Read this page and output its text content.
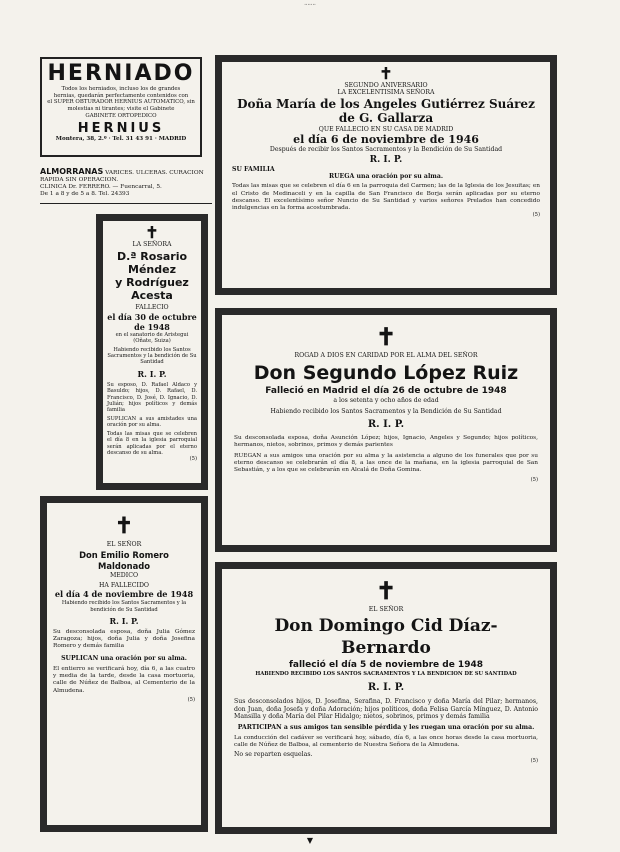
·······
HERNIADO

Todos los herniados, incluso los de grandes

hernias, quedarán perfectamente contenidos con

el SUPER OBTURADOR HERNIUS AUTOMATICO, sin

molestias ni tirantes; visite el Gabinete

GABINETE ORTOPEDICO
HERNIUS
Montera, 38, 2.º · Tel. 31 43 91 · MADRID
ALMORRANAS VARICES. ULCERAS. CURACION RAPIDA SIN OPERACION.

CLINICA Dr. FERRERO. — Fuencarral, 5.

De 1 a 8 y de 5 a 8. Tel. 24393

✝
LA SEÑORA
D.ª Rosario Méndez
y Rodríguez Acesta
FALLECIO
el día 30 de octubre de 1948
en el sanatorio de Aristegui (Oñate, Suiza)
Habiendo recibido los Santos Sacramentos y la bendición de Su Santidad
R. I. P.
Su esposo, D. Rafael Aldaco y Basuldo; hijos, D. Rafael, D. Francisco, D. José, D. Ignacio, D. Julián; hijos políticos y demás familia
SUPLICAN a sus amistades una oración por su alma.
Todas las misas que se celebren el día 8 en la iglesia parroquial serán aplicadas por el eterno descanso de su alma.
(5)
✝
EL SEÑOR
Don Emilio Romero Maldonado
MEDICO
HA FALLECIDO
el día 4 de noviembre de 1948
Habiendo recibido los Santos Sacramentos y la bendición de Su Santidad
R. I. P.
Su desconsolada esposa, doña Julia Gómez Zaragoza; hijos, doña Julia y doña Josefina Romero y demás familia
SUPLICAN una oración por su alma.
El entierro se verificará hoy, día 6, a las cuatro y media de la tarde, desde la casa mortuoria, calle de Núñez de Balboa, al Cementerio de la Almudena.
(5)
✝
SEGUNDO ANIVERSARIO
LA EXCELENTISIMA SEÑORA
Doña María de los Angeles Gutiérrez Suárez
de G. Gallarza
QUE FALLECIO EN SU CASA DE MADRID
el día 6 de noviembre de 1946
Después de recibir los Santos Sacramentos y la Bendición de Su Santidad
R. I. P.
SU FAMILIA
RUEGA una oración por su alma.
Todas las misas que se celebren el día 6 en la parroquia del Carmen; las de la Iglesia de los Jesuitas; en el Cristo de Medinaceli y en la capilla de San Francisco de Borja serán aplicadas por su eterno descanso. El excelentísimo señor Nuncio de Su Santidad y varios señores Prelados han concedido indulgencias en la forma acostumbrada.
(5)
✝
ROGAD A DIOS EN CARIDAD POR EL ALMA DEL SEÑOR
Don Segundo López Ruiz
Falleció en Madrid el día 26 de octubre de 1948
a los setenta y ocho años de edad
Habiendo recibido los Santos Sacramentos y la Bendición de Su Santidad
R. I. P.
Su desconsolada esposa, doña Asunción López; hijos, Ignacio, Angeles y Segundo; hijos políticos, hermanos, nietos, sobrinos, primos y demás parientes
RUEGAN a sus amigos una oración por su alma y la asistencia a alguno de los funerales que por su eterno descanso se celebrarán el día 8, a las once de la mañana, en la iglesia parroquial de San Sebastián, y a los que se celebrarán en Alcalá de Doña Gomina.
(5)
✝
EL SEÑOR
Don Domingo Cid Díaz-Bernardo
falleció el día 5 de noviembre de 1948
HABIENDO RECIBIDO LOS SANTOS SACRAMENTOS Y LA BENDICION DE SU SANTIDAD
R. I. P.
Sus desconsolados hijos, D. Josefina, Serafina, D. Francisco y doña María del Pilar; hermanos, don Juan, doña Josefa y doña Adoración; hijos políticos, doña Felisa García Mínguez, D. Antonio Mansilla y doña María del Pilar Hidalgo; nietos, sobrinos, primos y demás familia
PARTICIPAN a sus amigos tan sensible pérdida y les ruegan una oración por su alma.
La conducción del cadáver se verificará hoy, sábado, día 6, a las once horas desde la casa mortuoria, calle de Núñez de Balboa, al cementerio de Nuestra Señora de la Almudena.
No se reparten esquelas.
(5)
▼
